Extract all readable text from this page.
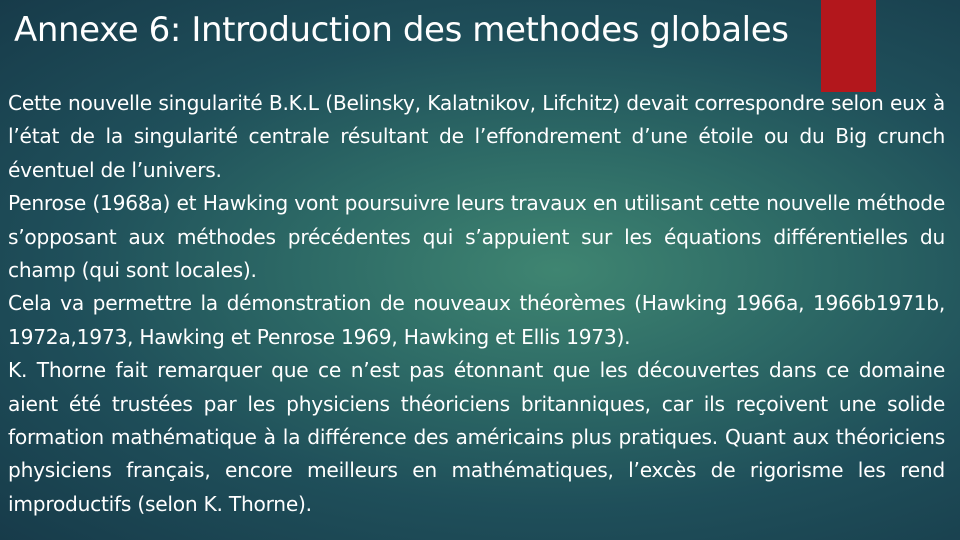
Annexe 6: Introduction des methodes globales

Cette nouvelle singularité B.K.L (Belinsky, Kalatnikov, Lifchitz) devait correspondre selon eux à l’état de la singularité centrale résultant de l’effondrement d’une étoile ou du Big crunch éventuel de l’univers.

Penrose (1968a) et Hawking vont poursuivre leurs travaux en utilisant cette nouvelle méthode s’opposant aux méthodes précédentes qui s’appuient sur les équations différentielles du champ (qui sont locales).

Cela va permettre la démonstration de nouveaux théorèmes (Hawking 1966a, 1966b1971b, 1972a,1973, Hawking et Penrose 1969, Hawking et Ellis 1973).

K. Thorne fait remarquer que ce n’est pas étonnant que les découvertes dans ce domaine aient été trustées par les physiciens théoriciens britanniques, car ils reçoivent une solide formation mathématique à la différence des américains plus pratiques. Quant aux théoriciens physiciens français, encore meilleurs en mathématiques, l’excès de rigorisme les rend improductifs (selon K. Thorne).
